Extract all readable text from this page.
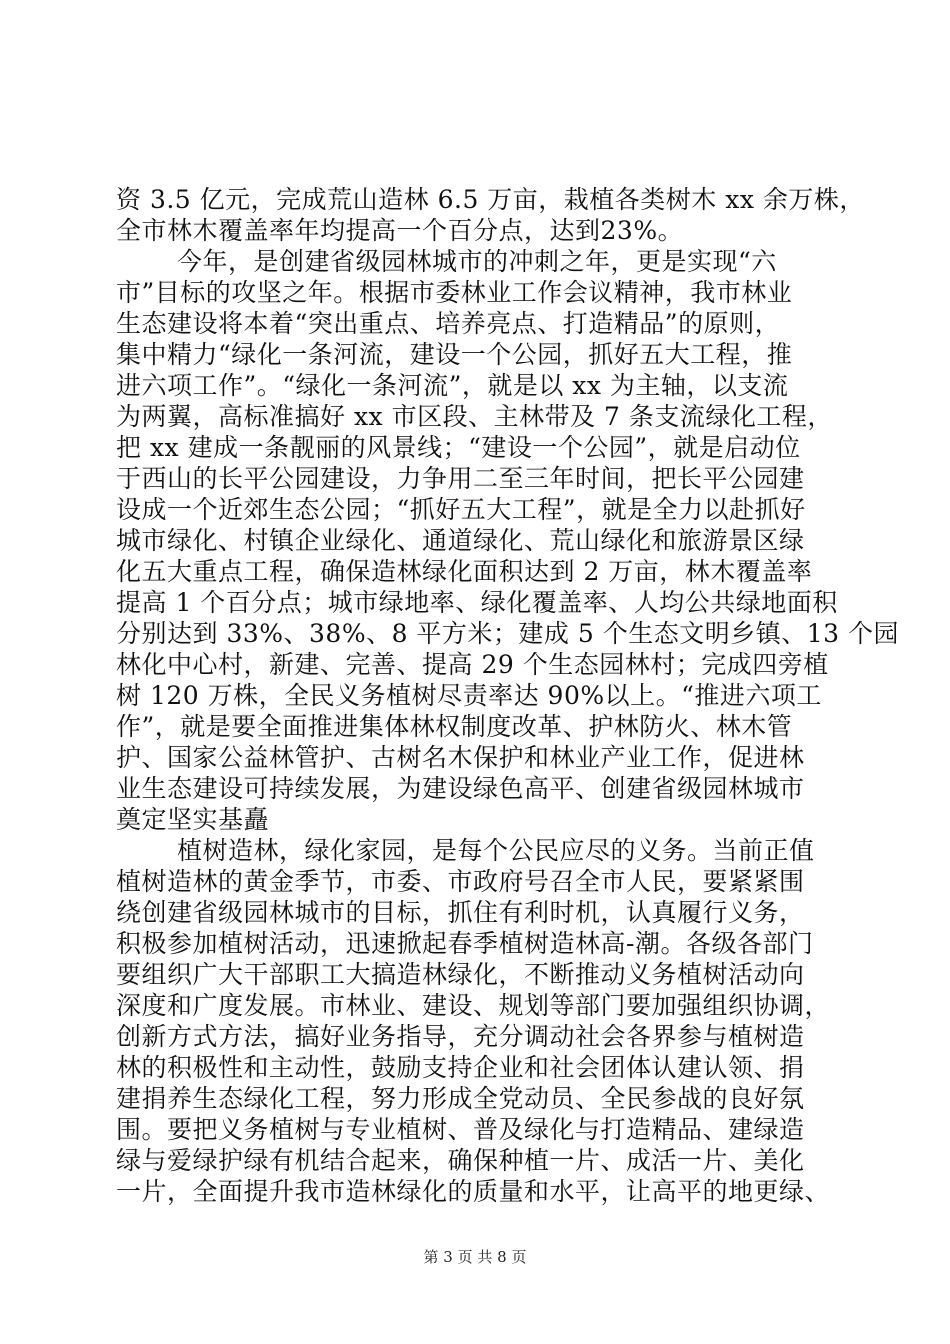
资 3.5 亿元，完成荒山造林 6.5 万亩，栽植各类树木 xx 余万株，
全市林木覆盖率年均提高一个百分点，达到23%。
今年，是创建省级园林城市的冲刺之年，更是实现“六
市”目标的攻坚之年。根据市委林业工作会议精神，我市林业
生态建设将本着“突出重点、培养亮点、打造精品”的原则，
集中精力“绿化一条河流，建设一个公园，抓好五大工程，推
进六项工作”。“绿化一条河流”，就是以 xx 为主轴，以支流
为两翼，高标准搞好 xx 市区段、主林带及 7 条支流绿化工程，
把 xx 建成一条靓丽的风景线；“建设一个公园”，就是启动位
于西山的长平公园建设，力争用二至三年时间，把长平公园建
设成一个近郊生态公园；“抓好五大工程”，就是全力以赴抓好
城市绿化、村镇企业绿化、通道绿化、荒山绿化和旅游景区绿
化五大重点工程，确保造林绿化面积达到 2 万亩，林木覆盖率
提高 1 个百分点；城市绿地率、绿化覆盖率、人均公共绿地面积
分别达到 33%、38%、8 平方米；建成 5 个生态文明乡镇、13 个园
林化中心村，新建、完善、提高 29 个生态园林村；完成四旁植
树 120 万株，全民义务植树尽责率达 90%以上。“推进六项工
作”，就是要全面推进集体林权制度改革、护林防火、林木管
护、国家公益林管护、古树名木保护和林业产业工作，促进林
业生态建设可持续发展，为建设绿色高平、创建省级园林城市
奠定坚实基矗
植树造林，绿化家园，是每个公民应尽的义务。当前正值
植树造林的黄金季节，市委、市政府号召全市人民，要紧紧围
绕创建省级园林城市的目标，抓住有利时机，认真履行义务，
积极参加植树活动，迅速掀起春季植树造林高-潮。各级各部门
要组织广大干部职工大搞造林绿化，不断推动义务植树活动向
深度和广度发展。市林业、建设、规划等部门要加强组织协调，
创新方式方法，搞好业务指导，充分调动社会各界参与植树造
林的积极性和主动性，鼓励支持企业和社会团体认建认领、捐
建捐养生态绿化工程，努力形成全党动员、全民参战的良好氛
围。要把义务植树与专业植树、普及绿化与打造精品、建绿造
绿与爱绿护绿有机结合起来，确保种植一片、成活一片、美化
一片，全面提升我市造林绿化的质量和水平，让高平的地更绿、
第 3 页 共 8 页
